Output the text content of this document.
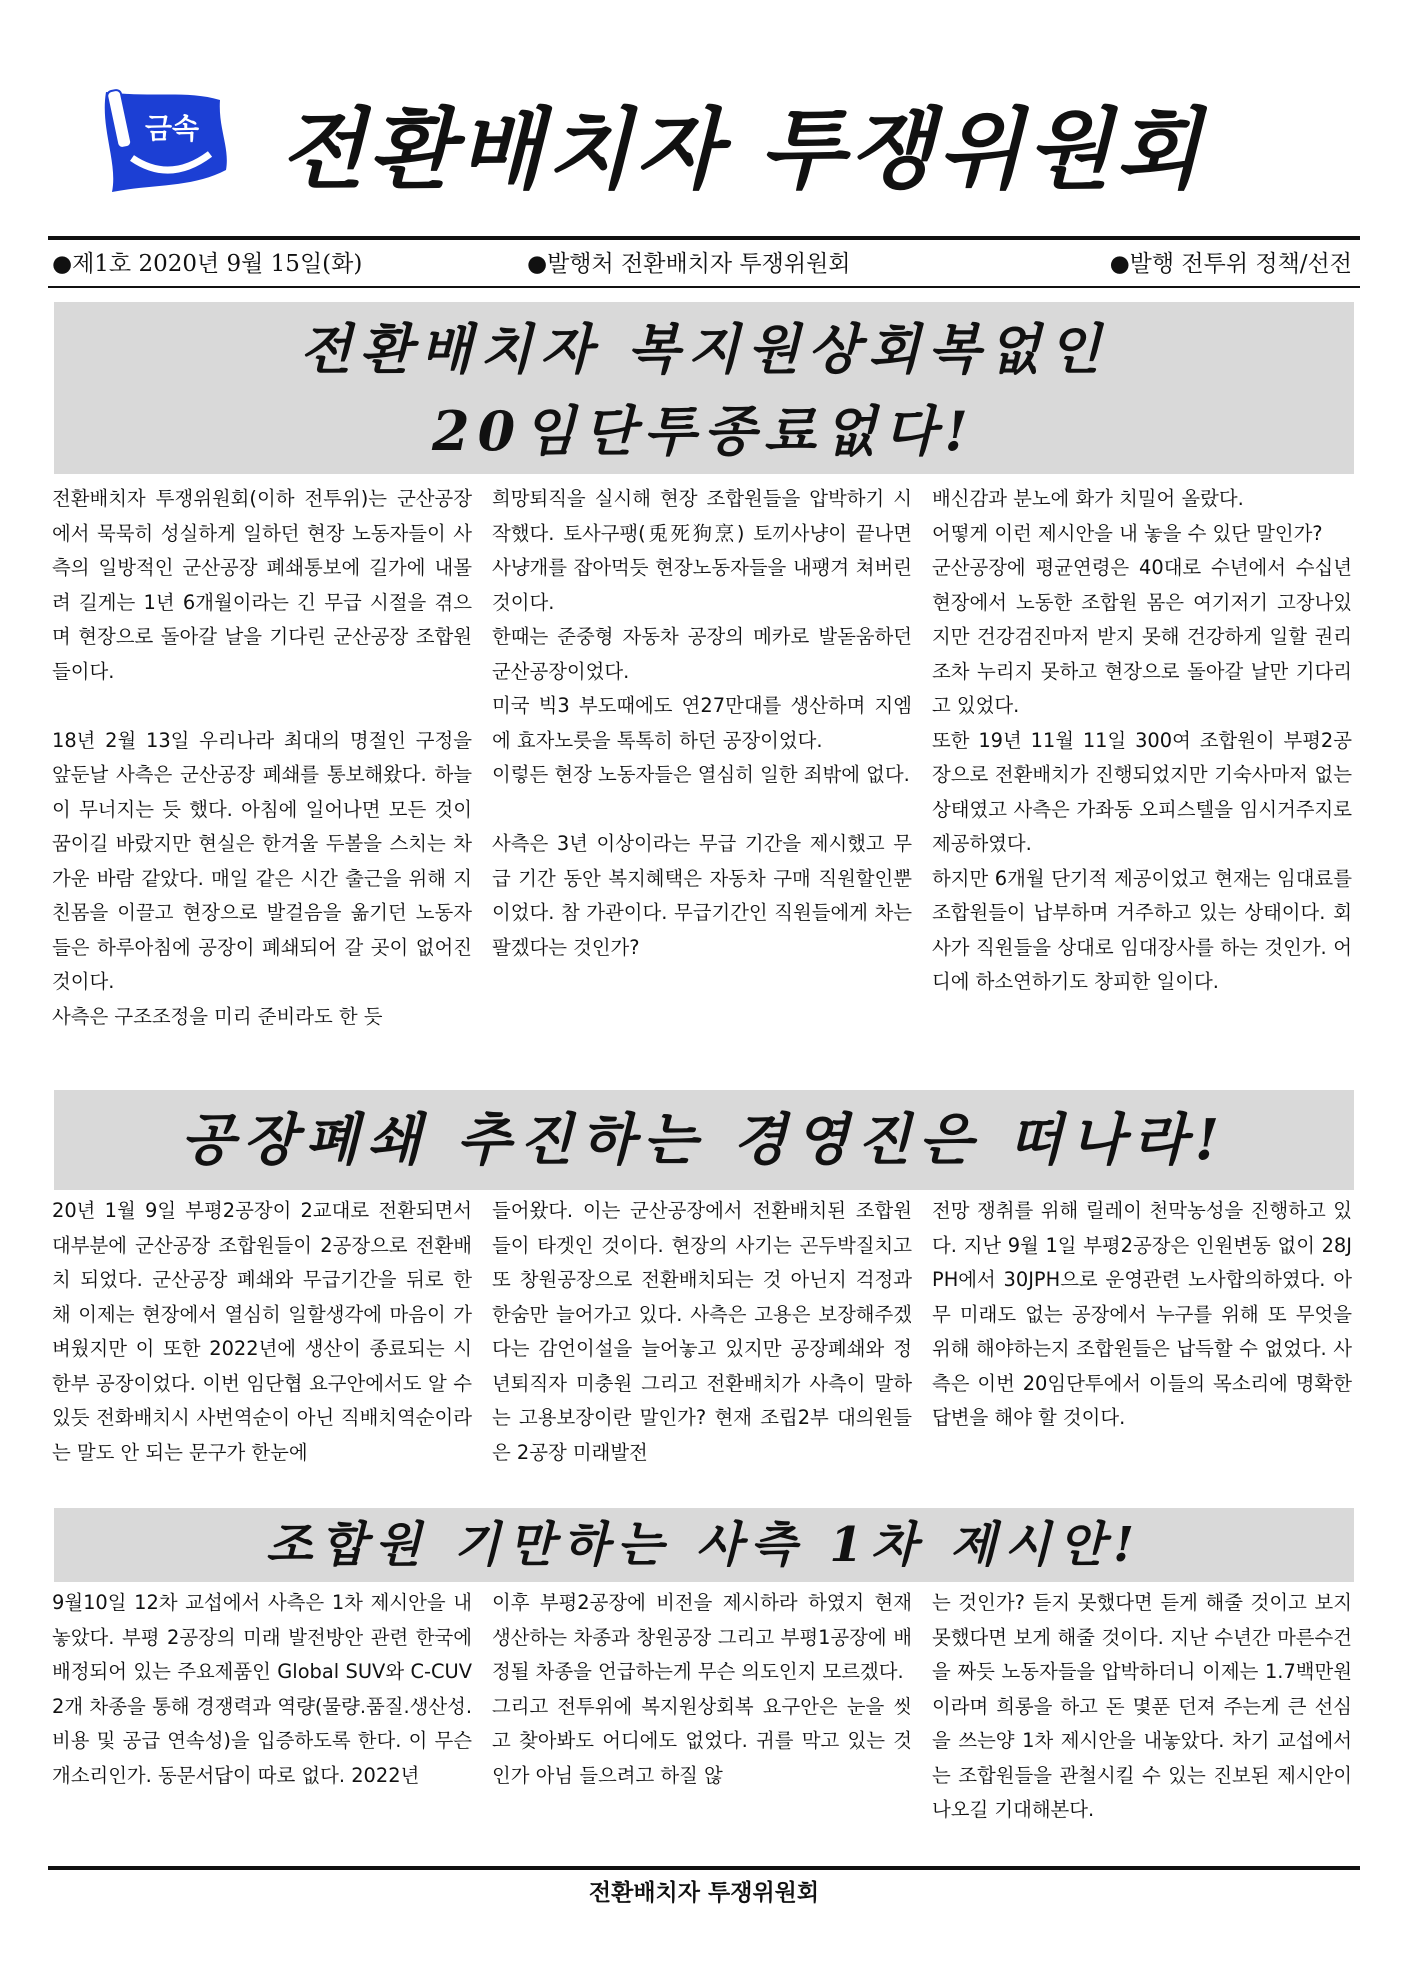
금속 전환배치자 투쟁위원회
●제1호 2020년 9월 15일(화)	●발행처 전환배치자 투쟁위원회	●발행 전투위 정책/선전
전환배치자 복지원상회복없인
20임단투종료없다!

전환배치자 투쟁위원회(이하 전투위)는 군산공장에서 묵묵히 성실하게 일하던 현장 노동자들이 사측의 일방적인 군산공장 폐쇄통보에 길가에 내몰려 길게는 1년 6개월이라는 긴 무급 시절을 겪으며 현장으로 돌아갈 날을 기다린 군산공장 조합원들이다.

18년 2월 13일 우리나라 최대의 명절인 구정을 앞둔날 사측은 군산공장 폐쇄를 통보해왔다. 하늘이 무너지는 듯 했다. 아침에 일어나면 모든 것이 꿈이길 바랐지만 현실은 한겨울 두볼을 스치는 차가운 바람 같았다. 매일 같은 시간 출근을 위해 지친몸을 이끌고 현장으로 발걸음을 옮기던 노동자들은 하루아침에 공장이 폐쇄되어 갈 곳이 없어진 것이다.

사측은 구조조정을 미리 준비라도 한 듯

희망퇴직을 실시해 현장 조합원들을 압박하기 시작했다. 토사구팽(兎死狗烹) 토끼사냥이 끝나면 사냥개를 잡아먹듯 현장노동자들을 내팽겨 쳐버린 것이다.

한때는 준중형 자동차 공장의 메카로 발돋움하던 군산공장이었다.

미국 빅3 부도때에도 연27만대를 생산하며 지엠에 효자노릇을 톡톡히 하던 공장이었다.

이렇든 현장 노동자들은 열심히 일한 죄밖에 없다.

사측은 3년 이상이라는 무급 기간을 제시했고 무급 기간 동안 복지혜택은 자동차 구매 직원할인뿐이었다. 참 가관이다. 무급기간인 직원들에게 차는 팔겠다는 것인가?

배신감과 분노에 화가 치밀어 올랐다.

어떻게 이런 제시안을 내 놓을 수 있단 말인가?

군산공장에 평균연령은 40대로 수년에서 수십년 현장에서 노동한 조합원 몸은 여기저기 고장나있지만 건강검진마저 받지 못해 건강하게 일할 권리조차 누리지 못하고 현장으로 돌아갈 날만 기다리고 있었다.

또한 19년 11월 11일 300여 조합원이 부평2공장으로 전환배치가 진행되었지만 기숙사마저 없는 상태였고 사측은 가좌동 오피스텔을 임시거주지로 제공하였다.

하지만 6개월 단기적 제공이었고 현재는 임대료를 조합원들이 납부하며 거주하고 있는 상태이다. 회사가 직원들을 상대로 임대장사를 하는 것인가. 어디에 하소연하기도 창피한 일이다.

공장폐쇄 추진하는 경영진은 떠나라!

20년 1월 9일 부평2공장이 2교대로 전환되면서 대부분에 군산공장 조합원들이 2공장으로 전환배치 되었다. 군산공장 폐쇄와 무급기간을 뒤로 한 채 이제는 현장에서 열심히 일할생각에 마음이 가벼웠지만 이 또한 2022년에 생산이 종료되는 시한부 공장이었다. 이번 임단협 요구안에서도 알 수 있듯 전화배치시 사번역순이 아닌 직배치역순이라는 말도 안 되는 문구가 한눈에

들어왔다. 이는 군산공장에서 전환배치된 조합원들이 타겟인 것이다. 현장의 사기는 곤두박질치고 또 창원공장으로 전환배치되는 것 아닌지 걱정과 한숨만 늘어가고 있다. 사측은 고용은 보장해주겠다는 감언이설을 늘어놓고 있지만 공장폐쇄와 정년퇴직자 미충원 그리고 전환배치가 사측이 말하는 고용보장이란 말인가? 현재 조립2부 대의원들은 2공장 미래발전

전망 쟁취를 위해 릴레이 천막농성을 진행하고 있다. 지난 9월 1일 부평2공장은 인원변동 없이 28JPH에서 30JPH으로 운영관련 노사합의하였다. 아무 미래도 없는 공장에서 누구를 위해 또 무엇을 위해 해야하는지 조합원들은 납득할 수 없었다. 사측은 이번 20임단투에서 이들의 목소리에 명확한 답변을 해야 할 것이다.

조합원 기만하는 사측 1차 제시안!

9월10일 12차 교섭에서 사측은 1차 제시안을 내놓았다. 부평 2공장의 미래 발전방안 관련 한국에 배정되어 있는 주요제품인 Global SUV와 C-CUV 2개 차종을 통해 경쟁력과 역량(물량.품질.생산성.비용 및 공급 연속성)을 입증하도록 한다. 이 무슨 개소리인가. 동문서답이 따로 없다. 2022년

이후 부평2공장에 비전을 제시하라 하였지 현재 생산하는 차종과 창원공장 그리고 부평1공장에 배정될 차종을 언급하는게 무슨 의도인지 모르겠다.

그리고 전투위에 복지원상회복 요구안은 눈을 씻고 찾아봐도 어디에도 없었다. 귀를 막고 있는 것인가 아님 들으려고 하질 않

는 것인가? 듣지 못했다면 듣게 해줄 것이고 보지 못했다면 보게 해줄 것이다. 지난 수년간 마른수건을 짜듯 노동자들을 압박하더니 이제는 1.7백만원이라며 희롱을 하고 돈 몇푼 던져 주는게 큰 선심을 쓰는양 1차 제시안을 내놓았다. 차기 교섭에서는 조합원들을 관철시킬 수 있는 진보된 제시안이 나오길 기대해본다.

전환배치자 투쟁위원회
